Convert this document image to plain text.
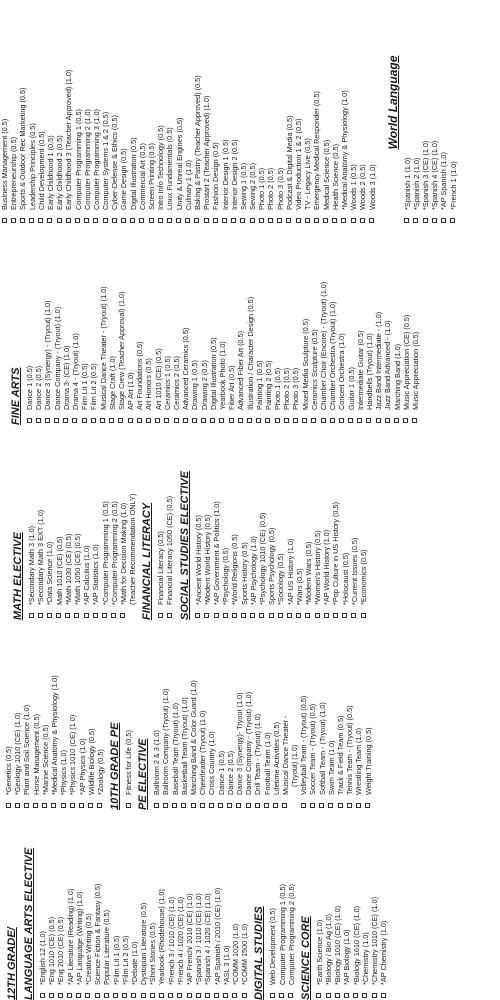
12TH GRADE/ LANGUAGE ARTS ELECTIVE *English 12 (1.0) *Eng 1010 (CE) (0.5) *Eng 2010 (CE) (0.5) *AP Literature (Reading) (1.0) *AP Language (Writing) (1.0) *Creative Writing (0.5) Science Fiction & Fantasy (0.5) Popular Literature (0.5) *Film Lit 1 (0.5) *Film Lit 2 (0.5) *Debate (1.0) Dystopian Literature (0.5) *Short Stories (0.5) Yearbook (Rhodehouse) (1.0) *French 3 / 1010 (CE) (1.0) *French 4 / 1020 (CE) (1.0) *AP French/ 2010 (CE) (1.0) *Spanish 3 / 1010 (CE) (1.0) *Spanish 4 / 1020 (CE) (1.0) *AP Spanish / 2010 (CE) (1.0) *ASL 3 (1.0) *COMM 1020 (1.0) *COMM 1500 (1.0) DIGITAL STUDIES Web Development (0.5) Computer Programming 1 (0.5) Computer Programming 2 (0.5) SCIENCE CORE *Earth Science (1.0) *Biology / Bio Ag (1.0) *Biology 1010 (CE) (1.0) *AP Biology (1.0) *Biology 1610 (CE) (1.0) *Chemistry (1.0) *Chemistry 1010 (CE) (1.0) *AP Chemistry (1.0)
*Genetics (0.5) *Geology 1010 (CE) (1.0) Plant and Soil Science (1.0) Horse Management (0.5) *Marine Science (0.5) *Medical Anatomy & Physiology (1.0) *Physics (1.0) *Physics 1010 (CE) (1.0) *AP Physics (1.0) Wildlife Biology (0.5) *Zoology (0.5) 10TH GRADE PE Fitness for Life (0.5) PE ELECTIVE Ballroom 2 & 3 (1.0) Ballroom Company (Tryout) (1.0) Baseball Team (Tryout) (1.0) Basketball Team (Tryout) (1.0) Marching Band & Color Guard (1.0) Cheerleader (Tryout) (1.0) Cross Country (1.0) Dance 1 (0.5) Dance 2 (0.5) Dance 3 (Synergy)- Tryout (1.0) Dance Company - (Tryout) (1.0) Drill Team - (Tryout) (1.0) Football Team (1.0) Lifetime Activities (0.5) Musical Dance Theater - (Tryout) (1.0) Volleyball Team - (Tryout) (0.5) Soccer Team - (Tryout) (0.5) Softball Team - (Tryout) (1.0) Swim Team (1.0) Track & Field Team (0.5) Tennis Team - (Tryout) (0.5) Wrestling Team (1.0) Weight Training (0.5)
MATH ELECTIVE *Secondary Math 3 (1.0) *Secondary Math 3 EXT (1.0) *Data Science (1.0) Math 1010 (CE) (0.5) *Math 1030 (CE) (0.5) *Math 1050 (CE) (0.5) *AP Calculus (1.0) *AP Statistics (1.0) *Computer Programming 1 (0.5) *Computer Programming 2 (0.5) *Math for Decision Making (1.0) (Teacher Recommendation ONLY) FINANCIAL LITERACY Financial Literacy (0.5) Financial Literacy 1050 (CE) (0.5) SOCIAL STUDIES ELECTIVE *Ancient World History (0.5) *Modern World History (0.5) *AP Government & Politics (1.0) *Psychology (0.5) *World Religions (0.5) Sports History (0.5) *AP Psychology (1.0) *Psychology 1010 (CE) (0.5) Sports Psychology (0.5) *Sociology (0.5) *AP US History (1.0) *Wars (0.5) *Modern Wars (0.5) *Women's History (0.5) *AP World History (1.0) *Pop Culture in US History (0.5) *Holocaust (0.5) *Current Issues (0.5) *Economics (0.5)
FINE ARTS Dance 1 (0.5) Dance 2 (0.5) Dance 3 (Synergy) - (Tryout) (1.0) Dance Company - (Tryout) (1.0) Drama 3- (CE) (1.0) Drama 4 - (Tryout) (1.0) Film Lit 1 (0.5) Film Lit 2 (0.5) Musical Dance Theater - (Tryout) (1.0) Stage Craft (1.0) Stage Crew (Teacher Approval) (1.0) AP Art (1.0) Art Foundations (0.5) Art Honors (0.5) Art 1010 (CE) (0.5) Ceramics 1 (0.5) Ceramics 2 (0.5) Advanced Ceramics (0.5) Drawing 1 (0.5) Drawing 2 (0.5) Digital Illustration (0.5) Yearbook Photo (1.0) Fiber Art (0.5) Advanced Fiber Art (0.5) Illustration / Character Design (0.5) Painting 1 (0.5) Painting 2 (0.5) Photo 1 (0.5) Photo 2 (0.5) Photo 3 (0.5) Mixed Media Sculpture (0.5) Ceramics Sculpture (0.5) Chamber Choir (Encore) - (Tryout) (1.0) Chamber Orchestra (Tryout) (1.0) Concert Orchestra (1.0) Guitar 1 (0.5) Intermediate Guitar (0.5) Handbells (Tryout) (1.0) Jazz Band Intermediate - (1.0) Jazz Band Advanced - (1.0) Marching Band (1.0) Music Appreciation (CE) (0.5) Music Appreciation (0.5)
Business Management (0.5) Entrepreneurship (0.5) Sports & Outdoor Rec Marketing (0.5) Leadership Principles (0.5) Child Development (0.5) Early Childhood 1 (0.5) Early Childhood 2 (0.5) Early Childhood 3 (Teacher Approved) (1.0) Computer Programming 1 (0.5) Computer Programming 2 (1.0) Computer Programming 3 (1.0) Computer Systems 1 & 2 (0.5) Cyber-Defense & Ethics (0.5) Game Design (0.5) Digital Illustration (0.5) Commercial Art (0.5) Screen Printing (0.5) Intro Info Technology (0.5) Linux Fundamentals (0.5) Unity & Unreal Engines (0.5) Culinary 1 (1.0) Baking & Pastry (Teacher Approved) (0.5) Prostart 2 (Teacher Approved) (1.0) Fashion Design (0.5) Interior Design 1 (0.5) Interior Design 2 (0.5) Sewing 1 (0.5) Sewing 2 (0.5) Photo 1 (0.5) Photo 2 (0.5) Photo 3 (0.5) Podcast & Digital Media (0.5) Video Production 1 & 2 (0.5) TV - Legacy Live (0.5) Emergency Medical Responder (0.5) Medical Science (0.5) Health Science (0.5) *Medical Anatomy & Physiology (1.0) Woods 1 (0.5) Woods 2 (0.5) Woods 3 (1.0)
World Language
*Spanish 1 (1.0) *Spanish 2 (1.0) *Spanish 3 (CE) (1.0) *Spanish 4 (CE) (1.0) *AP Spanish (1.0) *French 1 (1.0)
